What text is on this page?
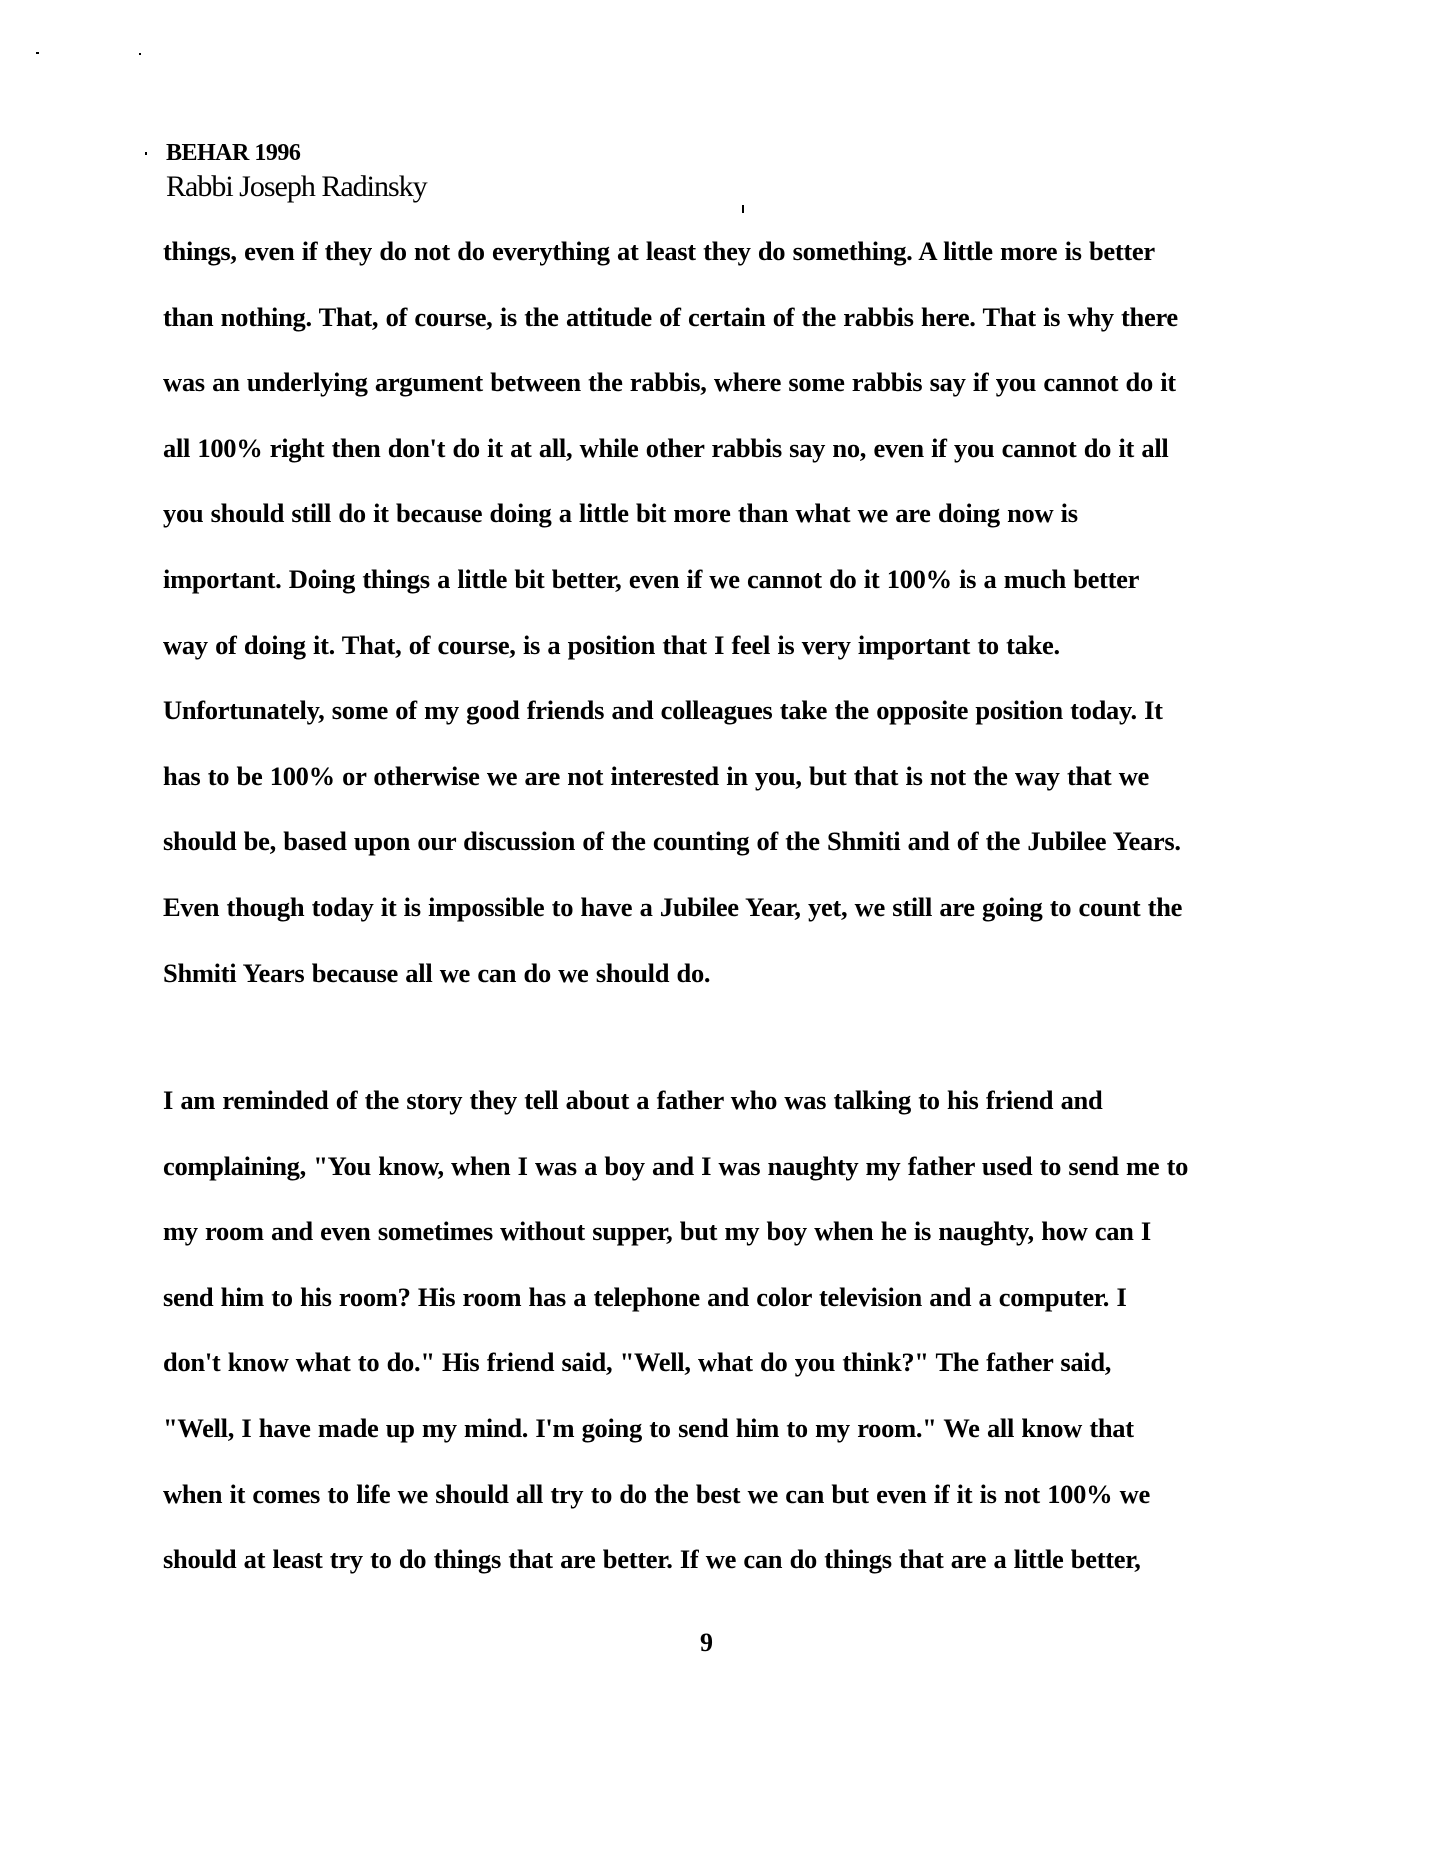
BEHAR 1996
Rabbi Joseph Radinsky
things, even if they do not do everything at least they do something. A little more is better
than nothing. That, of course, is the attitude of certain of the rabbis here. That is why there
was an underlying argument between the rabbis, where some rabbis say if you cannot do it
all 100% right then don't do it at all, while other rabbis say no, even if you cannot do it all
you should still do it because doing a little bit more than what we are doing now is
important. Doing things a little bit better, even if we cannot do it 100% is a much better
way of doing it. That, of course, is a position that I feel is very important to take.
Unfortunately, some of my good friends and colleagues take the opposite position today. It
has to be 100% or otherwise we are not interested in you, but that is not the way that we
should be, based upon our discussion of the counting of the Shmiti and of the Jubilee Years.
Even though today it is impossible to have a Jubilee Year, yet, we still are going to count the
Shmiti Years because all we can do we should do.
I am reminded of the story they tell about a father who was talking to his friend and
complaining, "You know, when I was a boy and I was naughty my father used to send me to
my room and even sometimes without supper, but my boy when he is naughty, how can I
send him to his room? His room has a telephone and color television and a computer. I
don't know what to do." His friend said, "Well, what do you think?" The father said,
"Well, I have made up my mind. I'm going to send him to my room." We all know that
when it comes to life we should all try to do the best we can but even if it is not 100% we
should at least try to do things that are better. If we can do things that are a little better,
9
